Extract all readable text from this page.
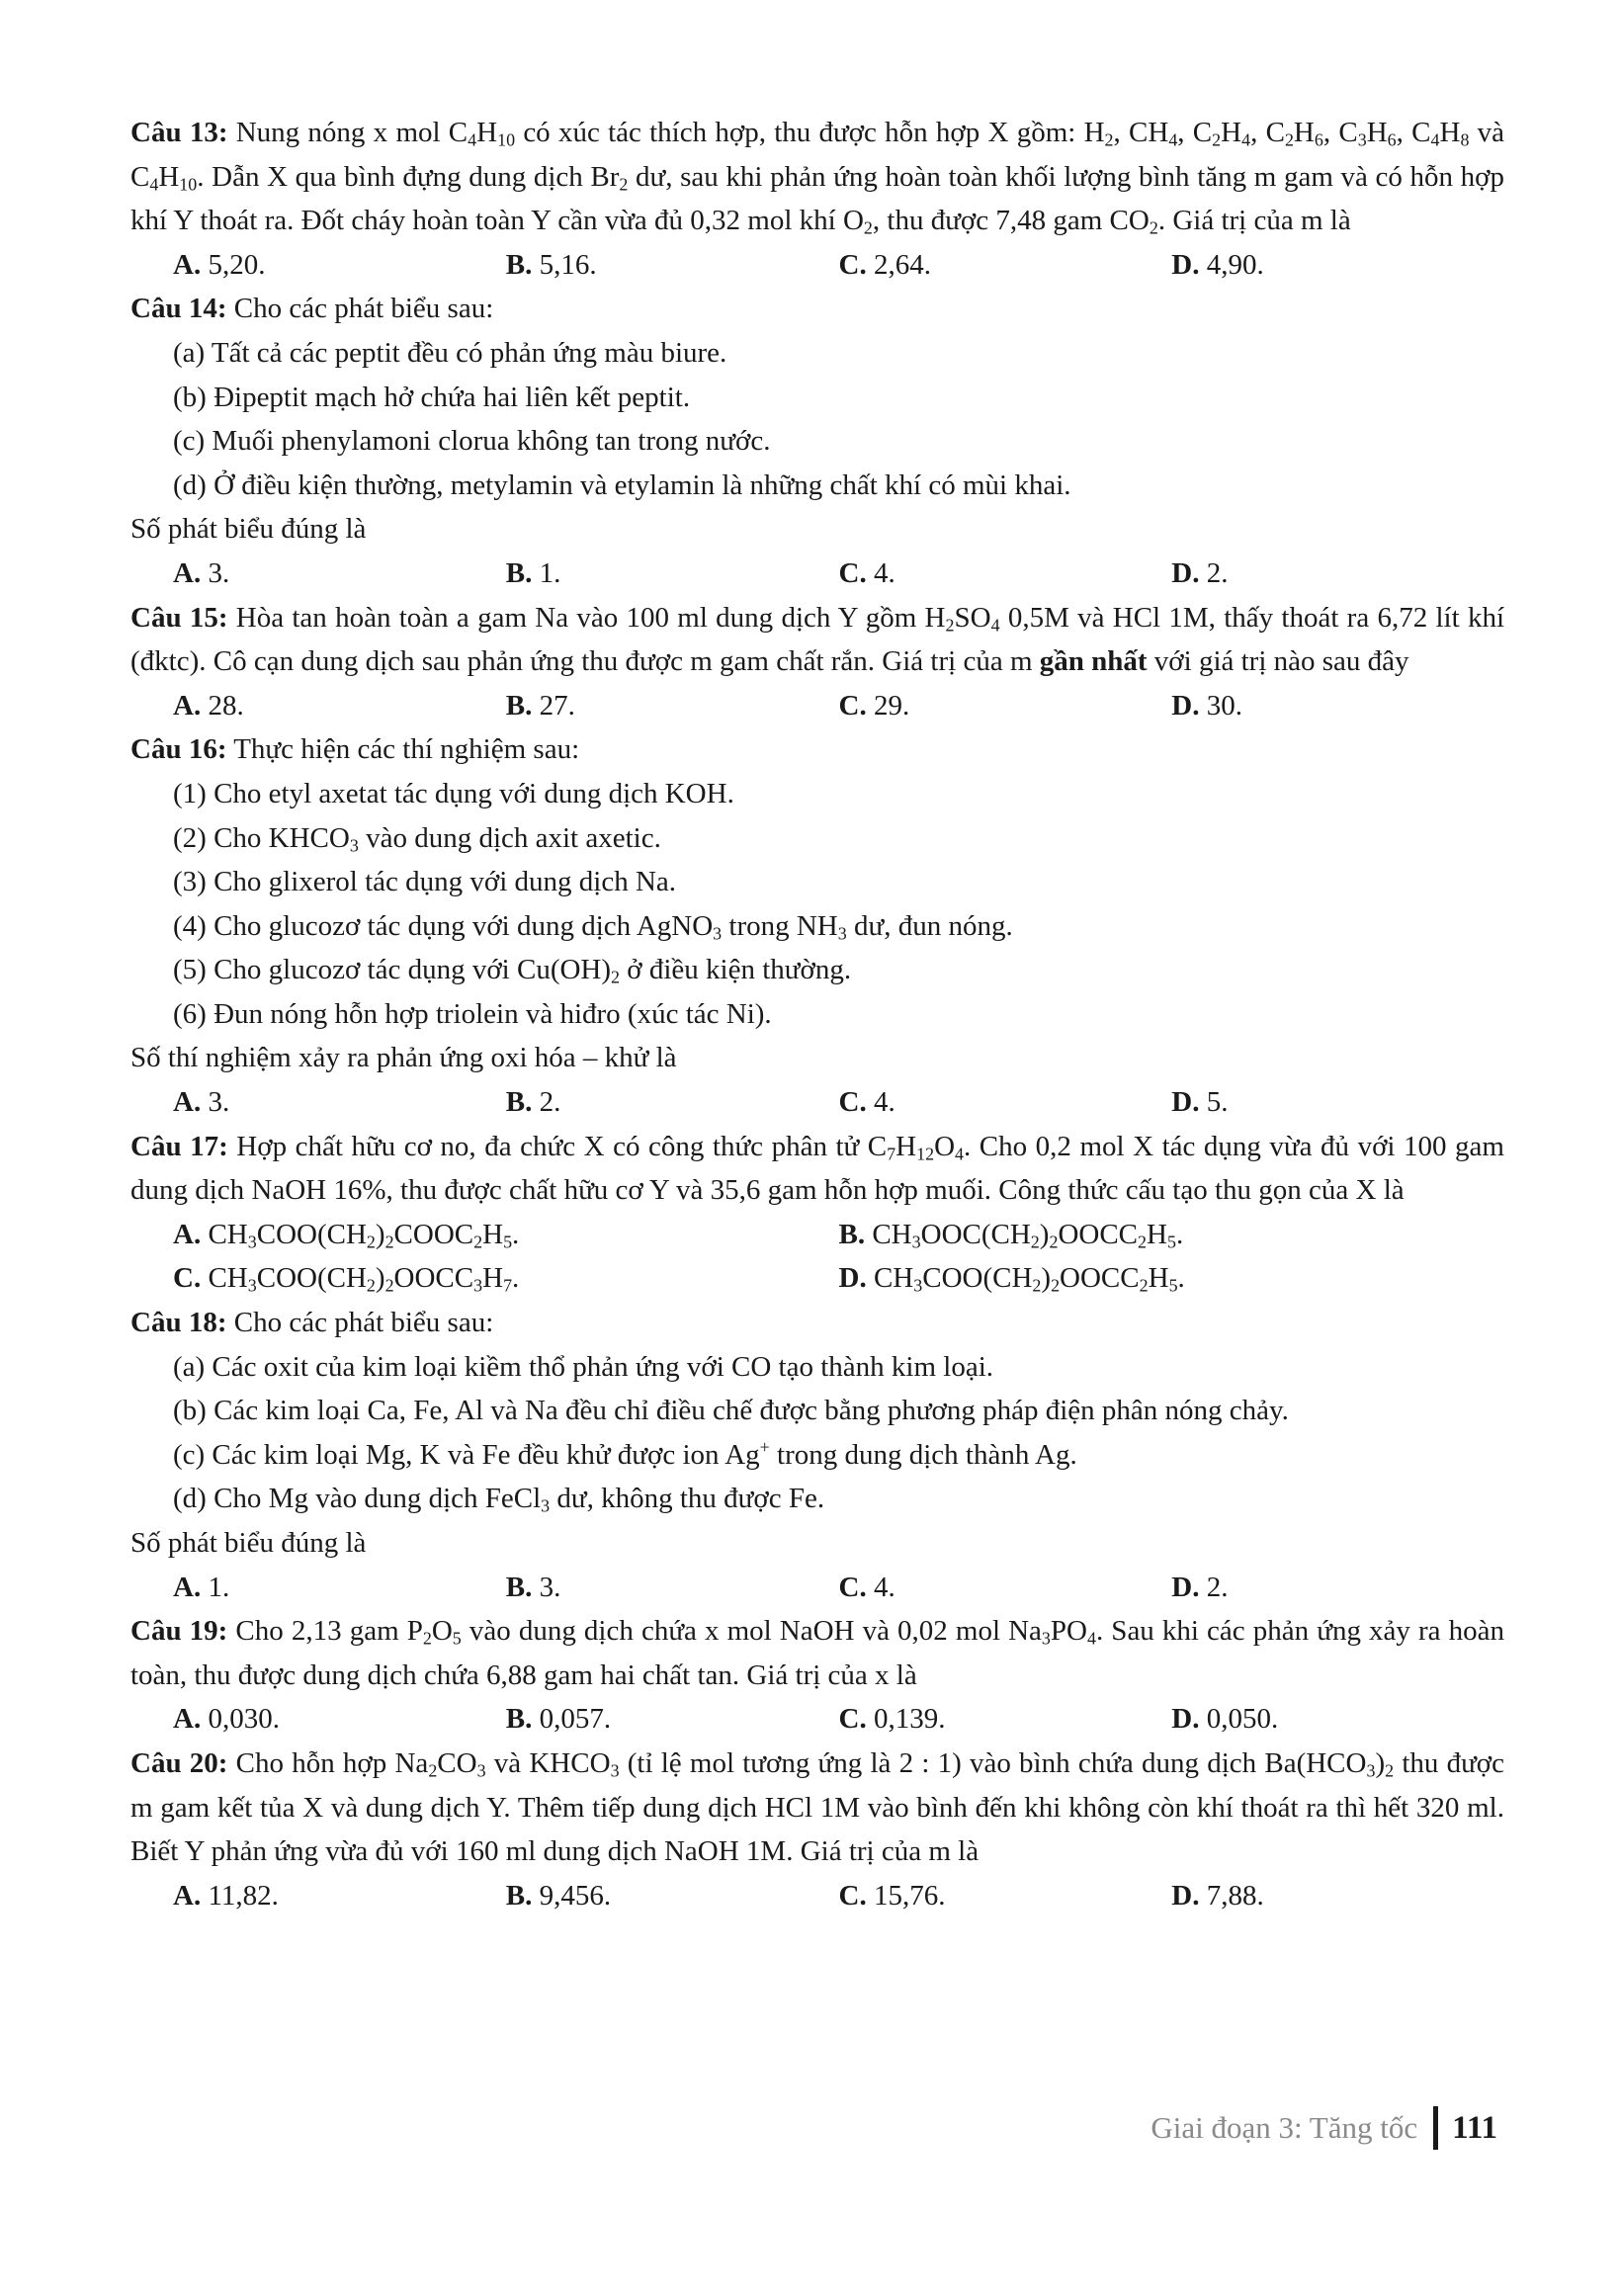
Câu 13: Nung nóng x mol $C_4H_{10}$ có xúc tác thích hợp, thu được hỗn hợp X gồm: $H_2$, $CH_4$, $C_2H_4$, $C_2H_6$, $C_3H_6$, $C_4H_8$ và $C_4H_{10}$. Dẫn X qua bình đựng dung dịch $Br_2$ dư, sau khi phản ứng hoàn toàn khối lượng bình tăng m gam và có hỗn hợp khí Y thoát ra. Đốt cháy hoàn toàn Y cần vừa đủ 0,32 mol khí $O_2$, thu được 7,48 gam $CO_2$. Giá trị của m là

A. 5,20.	B. 5,16.	C. 2,64.	D. 4,90.

Câu 14: Cho các phát biểu sau:

(a) Tất cả các peptit đều có phản ứng màu biure.

(b) Đipeptit mạch hở chứa hai liên kết peptit.

(c) Muối phenylamoni clorua không tan trong nước.

(d) Ở điều kiện thường, metylamin và etylamin là những chất khí có mùi khai.

Số phát biểu đúng là

A. 3.	B. 1.	C. 4.	D. 2.

Câu 15: Hòa tan hoàn toàn a gam Na vào 100 ml dung dịch Y gồm $H_2SO_4$ 0,5M và HCl 1M, thấy thoát ra 6,72 lít khí (đktc). Cô cạn dung dịch sau phản ứng thu được m gam chất rắn. Giá trị của m gần nhất với giá trị nào sau đây

A. 28.	B. 27.	C. 29.	D. 30.

Câu 16: Thực hiện các thí nghiệm sau:

(1) Cho etyl axetat tác dụng với dung dịch KOH.

(2) Cho $KHCO_3$ vào dung dịch axit axetic.

(3) Cho glixerol tác dụng với dung dịch Na.

(4) Cho glucozơ tác dụng với dung dịch AgNO$_3$ trong $NH_3$ dư, đun nóng.

(5) Cho glucozơ tác dụng với $Cu(OH)_2$ ở điều kiện thường.

(6) Đun nóng hỗn hợp triolein và hiđro (xúc tác Ni).

Số thí nghiệm xảy ra phản ứng oxi hóa – khử là

A. 3.	B. 2.	C. 4.	D. 5.

Câu 17: Hợp chất hữu cơ no, đa chức X có công thức phân tử $C_7H_{12}O_4$. Cho 0,2 mol X tác dụng vừa đủ với 100 gam dung dịch NaOH 16%, thu được chất hữu cơ Y và 35,6 gam hỗn hợp muối. Công thức cấu tạo thu gọn của X là

A. $CH_3COO(CH_2)_2COOC_2H_5$.	B. $CH_3OOC(CH_2)_2OOCC_2H_5$.
C. $CH_3COO(CH_2)_2OOCC_3H_7$.	D. $CH_3COO(CH_2)_2OOCC_2H_5$.

Câu 18: Cho các phát biểu sau:

(a) Các oxit của kim loại kiềm thổ phản ứng với CO tạo thành kim loại.

(b) Các kim loại Ca, Fe, Al và Na đều chỉ điều chế được bằng phương pháp điện phân nóng chảy.

(c) Các kim loại Mg, K và Fe đều khử được ion Ag+ trong dung dịch thành Ag.

(d) Cho Mg vào dung dịch FeCl$_3$ dư, không thu được Fe.

Số phát biểu đúng là

A. 1.	B. 3.	C. 4.	D. 2.

Câu 19: Cho 2,13 gam $P_2O_5$ vào dung dịch chứa x mol NaOH và 0,02 mol $Na_3PO_4$. Sau khi các phản ứng xảy ra hoàn toàn, thu được dung dịch chứa 6,88 gam hai chất tan. Giá trị của x là

A. 0,030.	B. 0,057.	C. 0,139.	D. 0,050.

Câu 20: Cho hỗn hợp $Na_2CO_3$ và $KHCO_3$ (tỉ lệ mol tương ứng là 2 : 1) vào bình chứa dung dịch $Ba(HCO_3)_2$ thu được m gam kết tủa X và dung dịch Y. Thêm tiếp dung dịch HCl 1M vào bình đến khi không còn khí thoát ra thì hết 320 ml. Biết Y phản ứng vừa đủ với 160 ml dung dịch NaOH 1M. Giá trị của m là

A. 11,82.	B. 9,456.	C. 15,76.	D. 7,88.
Giai đoạn 3: Tăng tốc 111
